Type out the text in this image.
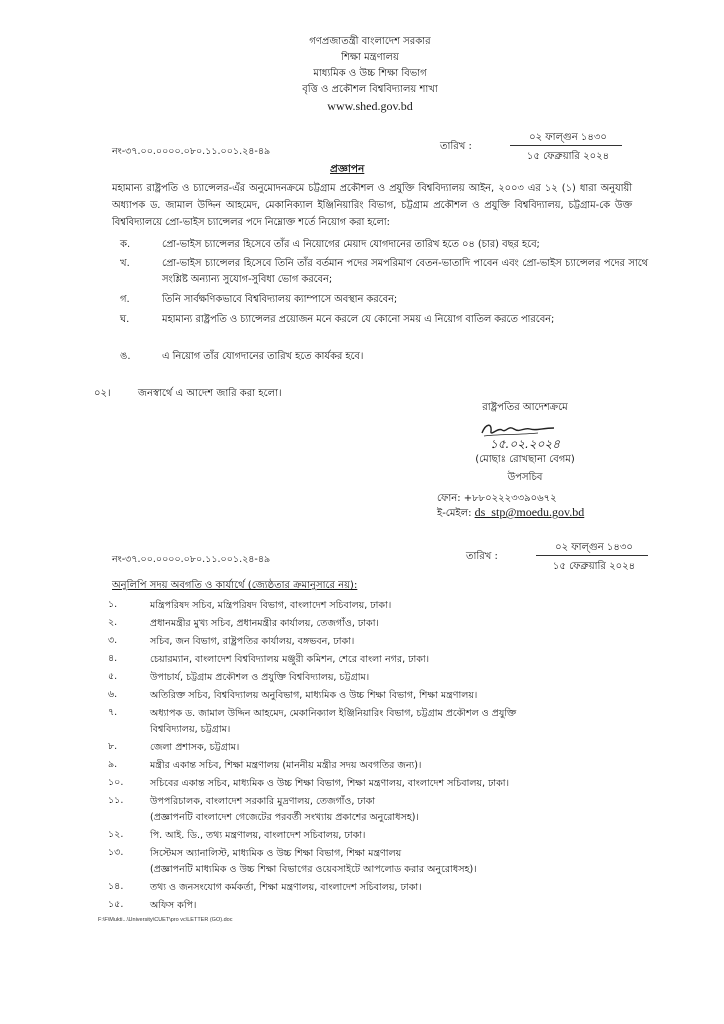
গণপ্রজাতন্ত্রী বাংলাদেশ সরকার
শিক্ষা মন্ত্রণালয়
মাধ্যমিক ও উচ্চ শিক্ষা বিভাগ
বৃত্তি ও প্রকৌশল বিশ্ববিদ্যালয় শাখা
www.shed.gov.bd
নং-৩৭.০০.০০০০.০৮০.১১.০০১.২৪-৪৯	তারিখ :
০২ ফাল্গুন ১৪৩০
১৫ ফেব্রুয়ারি ২০২৪
প্রজ্ঞাপন
মহামান্য রাষ্ট্রপতি ও চ্যান্সেলর-এঁর অনুমোদনক্রমে চট্টগ্রাম প্রকৌশল ও প্রযুক্তি বিশ্ববিদ্যালয় আইন, ২০০৩ এর ১২ (১) ধারা অনুযায়ী অধ্যাপক ড. জামাল উদ্দিন আহমেদ, মেকানিক্যাল ইঞ্জিনিয়ারিং বিভাগ, চট্টগ্রাম প্রকৌশল ও প্রযুক্তি বিশ্ববিদ্যালয়, চট্টগ্রাম-কে উক্ত বিশ্ববিদ্যালয়ে প্রো-ভাইস চ্যান্সেলর পদে নিম্নোক্ত শর্তে নিয়োগ করা হলো:
ক.	প্রো-ভাইস চ্যান্সেলর হিসেবে তাঁর এ নিয়োগের মেয়াদ যোগদানের তারিখ হতে ০৪ (চার) বছর হবে;
খ.	প্রো-ভাইস চ্যান্সেলর হিসেবে তিনি তাঁর বর্তমান পদের সমপরিমাণ বেতন-ভাতাদি পাবেন এবং প্রো-ভাইস চ্যান্সেলর পদের সাথে সংশ্লিষ্ট অন্যান্য সুযোগ-সুবিধা ভোগ করবেন;
গ.	তিনি সার্বক্ষণিকভাবে বিশ্ববিদ্যালয় ক্যাম্পাসে অবস্থান করবেন;
ঘ.	মহামান্য রাষ্ট্রপতি ও চ্যান্সেলর প্রয়োজন মনে করলে যে কোনো সময় এ নিয়োগ বাতিল করতে পারবেন;
ঙ.	এ নিয়োগ তাঁর যোগদানের তারিখ হতে কার্যকর হবে।
০২।	জনস্বার্থে এ আদেশ জারি করা হলো।
রাষ্ট্রপতির আদেশক্রমে
১৫.০২.২০২৪
(মোছাঃ রোখছানা বেগম)
উপসচিব
ফোন: +৮৮০২২২৩৩৯০৬৭২
ই-মেইল: ds_stp@moedu.gov.bd
নং-৩৭.০০.০০০০.০৮০.১১.০০১.২৪-৪৯	তারিখ :
০২ ফাল্গুন ১৪৩০
১৫ ফেব্রুয়ারি ২০২৪
অনুলিপি সদয় অবগতি ও কার্যার্থে (জ্যেষ্ঠতার ক্রমানুসারে নয়):
১.	মন্ত্রিপরিষদ সচিব, মন্ত্রিপরিষদ বিভাগ, বাংলাদেশ সচিবালয়, ঢাকা।
২.	প্রধানমন্ত্রীর মুখ্য সচিব, প্রধানমন্ত্রীর কার্যালয়, তেজগাঁও, ঢাকা।
৩.	সচিব, জন বিভাগ, রাষ্ট্রপতির কার্যালয়, বঙ্গভবন, ঢাকা।
৪.	চেয়ারম্যান, বাংলাদেশ বিশ্ববিদ্যালয় মঞ্জুরী কমিশন, শেরে বাংলা নগর, ঢাকা।
৫.	উপাচার্য, চট্টগ্রাম প্রকৌশল ও প্রযুক্তি বিশ্ববিদ্যালয়, চট্টগ্রাম।
৬.	অতিরিক্ত সচিব, বিশ্ববিদ্যালয় অনুবিভাগ, মাধ্যমিক ও উচ্চ শিক্ষা বিভাগ, শিক্ষা মন্ত্রণালয়।
৭.	অধ্যাপক ড. জামাল উদ্দিন আহমেদ, মেকানিক্যাল ইঞ্জিনিয়ারিং বিভাগ, চট্টগ্রাম প্রকৌশল ও প্রযুক্তি
বিশ্ববিদ্যালয়, চট্টগ্রাম।
৮.	জেলা প্রশাসক, চট্টগ্রাম।
৯.	মন্ত্রীর একান্ত সচিব, শিক্ষা মন্ত্রণালয় (মাননীয় মন্ত্রীর সদয় অবগতির জন্য)।
১০.	সচিবের একান্ত সচিব, মাধ্যমিক ও উচ্চ শিক্ষা বিভাগ, শিক্ষা মন্ত্রণালয়, বাংলাদেশ সচিবালয়, ঢাকা।
১১.	উপপরিচালক, বাংলাদেশ সরকারি মুদ্রণালয়, তেজগাঁও, ঢাকা
(প্রজ্ঞাপনটি বাংলাদেশ গেজেটের পরবর্তী সংখ্যায় প্রকাশের অনুরোধসহ)।
১২.	পি. আই. ডি., তথ্য মন্ত্রণালয়, বাংলাদেশ সচিবালয়, ঢাকা।
১৩.	সিস্টেমস অ্যানালিস্ট, মাধ্যমিক ও উচ্চ শিক্ষা বিভাগ, শিক্ষা মন্ত্রণালয়
(প্রজ্ঞাপনটি মাধ্যমিক ও উচ্চ শিক্ষা বিভাগের ওয়েবসাইটে আপলোড করার অনুরোধসহ)।
১৪.	তথ্য ও জনসংযোগ কর্মকর্তা, শিক্ষা মন্ত্রণালয়, বাংলাদেশ সচিবালয়, ঢাকা।
১৫.	অফিস কপি।
F:\F\Mukti...\University\CUET\pro vc\LETTER (GO).doc
